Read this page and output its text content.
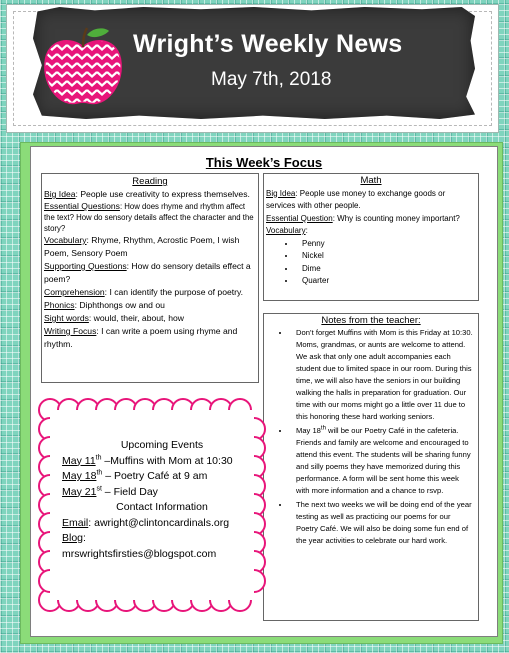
Wright’s Weekly News
May 7th, 2018
This Week’s Focus
Reading
Big Idea: People use creativity to express themselves.
Essential Questions: How does rhyme and rhythm affect the text? How do sensory details affect the character and the story?
Vocabulary: Rhyme, Rhythm, Acrostic Poem, I wish Poem, Sensory Poem
Supporting Questions: How do sensory details effect a poem?
Comprehension: I can identify the purpose of poetry.
Phonics: Diphthongs ow and ou
Sight words: would, their, about, how
Writing Focus: I can write a poem using rhyme and rhythm.
Math
Big Idea: People use money to exchange goods or services with other people.
Essential Question: Why is counting money important?
Vocabulary:
• Penny
• Nickel
• Dime
• Quarter
Notes from the teacher:
• Don’t forget Muffins with Mom is this Friday at 10:30. Moms, grandmas, or aunts are welcome to attend. We ask that only one adult accompanies each student due to limited space in our room. During this time, we will also have the seniors in our building walking the halls in preparation for graduation. Our time with our moms might go a little over 11 due to this honoring these hard working seniors.
• May 18th will be our Poetry Café in the cafeteria. Friends and family are welcome and encouraged to attend this event. The students will be sharing funny and silly poems they have memorized during this performance. A form will be sent home this week with more information and a chance to rsvp.
• The next two weeks we will be doing end of the year testing as well as practicing our poems for our Poetry Café. We will also be doing some fun end of the year activities to celebrate our hard work.
Upcoming Events
May 11th –Muffins with Mom at 10:30
May 18th – Poetry Café at 9 am
May 21st – Field Day
Contact Information
Email: awright@clintoncardinals.org
Blog:
mrswrightsfirsties@blogspot.com
